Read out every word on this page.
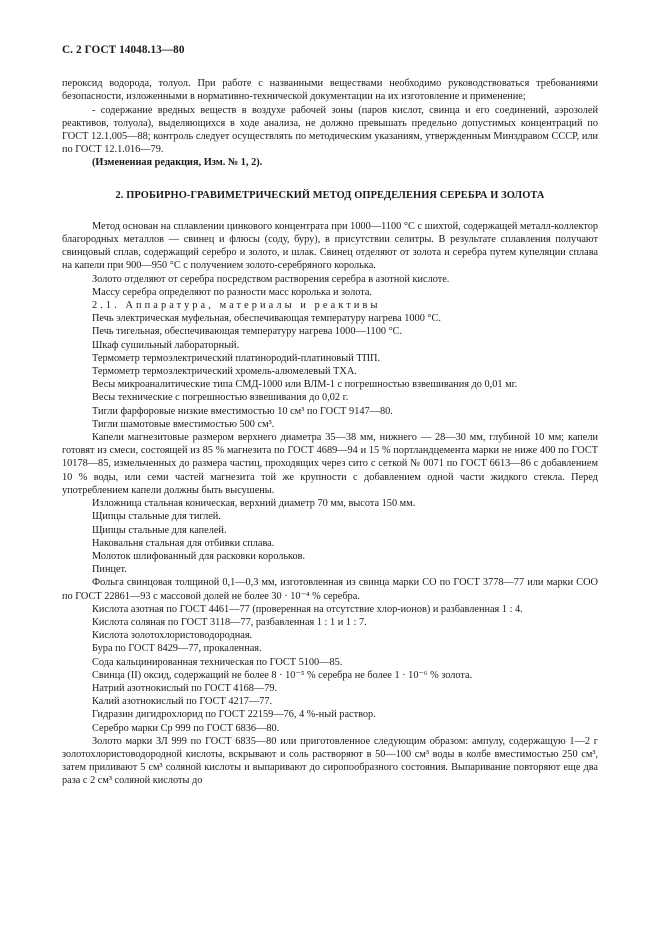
С. 2 ГОСТ 14048.13—80

пероксид водорода, толуол. При работе с названными веществами необходимо руководствоваться требованиями безопасности, изложенными в нормативно-технической документации на их изготовление и применение;

- содержание вредных веществ в воздухе рабочей зоны (паров кислот, свинца и его соединений, аэрозолей реактивов, толуола), выделяющихся в ходе анализа, не должно превышать предельно допустимых концентраций по ГОСТ 12.1.005—88; контроль следует осуществлять по методическим указаниям, утвержденным Минздравом СССР, или по ГОСТ 12.1.016—79.

(Измененная редакция, Изм. № 1, 2).

2. ПРОБИРНО-ГРАВИМЕТРИЧЕСКИЙ МЕТОД ОПРЕДЕЛЕНИЯ СЕРЕБРА И ЗОЛОТА

Метод основан на сплавлении цинкового концентрата при 1000—1100 °С с шихтой, содержащей металл-коллектор благородных металлов — свинец и флюсы (соду, буру), в присутствии селитры. В результате сплавления получают свинцовый сплав, содержащий серебро и золото, и шлак. Свинец отделяют от золота и серебра путем купеляции сплава на капели при 900—950 °С с получением золото-серебряного королька.

Золото отделяют от серебра посредством растворения серебра в азотной кислоте.

Массу серебра определяют по разности масс королька и золота.

2.1. Аппаратура, материалы и реактивы

Печь электрическая муфельная, обеспечивающая температуру нагрева 1000 °С.

Печь тигельная, обеспечивающая температуру нагрева 1000—1100 °С.

Шкаф сушильный лабораторный.

Термометр термоэлектрический платинородий-платиновый ТПП.

Термометр термоэлектрический хромель-алюмелевый ТХА.

Весы микроаналитические типа СМД-1000 или ВЛМ-1 с погрешностью взвешивания до 0,01 мг.

Весы технические с погрешностью взвешивания до 0,02 г.

Тигли фарфоровые низкие вместимостью 10 см³ по ГОСТ 9147—80.

Тигли шамотовые вместимостью 500 см³.

Капели магнезитовые размером верхнего диаметра 35—38 мм, нижнего — 28—30 мм, глубиной 10 мм; капели готовят из смеси, состоящей из 85 % магнезита по ГОСТ 4689—94 и 15 % портландцемента марки не ниже 400 по ГОСТ 10178—85, измельченных до размера частиц, проходящих через сито с сеткой № 0071 по ГОСТ 6613—86 с добавлением 10 % воды, или семи частей магнезита той же крупности с добавлением одной части жидкого стекла. Перед употреблением капели должны быть высушены.

Изложница стальная коническая, верхний диаметр 70 мм, высота 150 мм.

Щипцы стальные для тиглей.

Щипцы стальные для капелей.

Наковальня стальная для отбивки сплава.

Молоток шлифованный для расковки корольков.

Пинцет.

Фольга свинцовая толщиной 0,1—0,3 мм, изготовленная из свинца марки СО по ГОСТ 3778—77 или марки СОО по ГОСТ 22861—93 с массовой долей не более 30 · 10⁻⁴ % серебра.

Кислота азотная по ГОСТ 4461—77 (проверенная на отсутствие хлор-ионов) и разбавленная 1 : 4.

Кислота соляная по ГОСТ 3118—77, разбавленная 1 : 1 и 1 : 7.

Кислота золотохлористоводородная.

Бура по ГОСТ 8429—77, прокаленная.

Сода кальцинированная техническая по ГОСТ 5100—85.

Свинца (II) оксид, содержащий не более 8 · 10⁻⁵ % серебра не более 1 · 10⁻⁶ % золота.

Натрий азотнокислый по ГОСТ 4168—79.

Калий азотнокислый по ГОСТ 4217—77.

Гидразин дигидрохлорид по ГОСТ 22159—76, 4 %-ный раствор.

Серебро марки Ср 999 по ГОСТ 6836—80.

Золото марки ЗЛ 999 по ГОСТ 6835—80 или приготовленное следующим образом: ампулу, содержащую 1—2 г золотохлористоводородной кислоты, вскрывают и соль растворяют в 50—100 см³ воды в колбе вместимостью 250 см³, затем приливают 5 см³ соляной кислоты и выпаривают до сиропообразного состояния. Выпаривание повторяют еще два раза с 2 см³ соляной кислоты до
